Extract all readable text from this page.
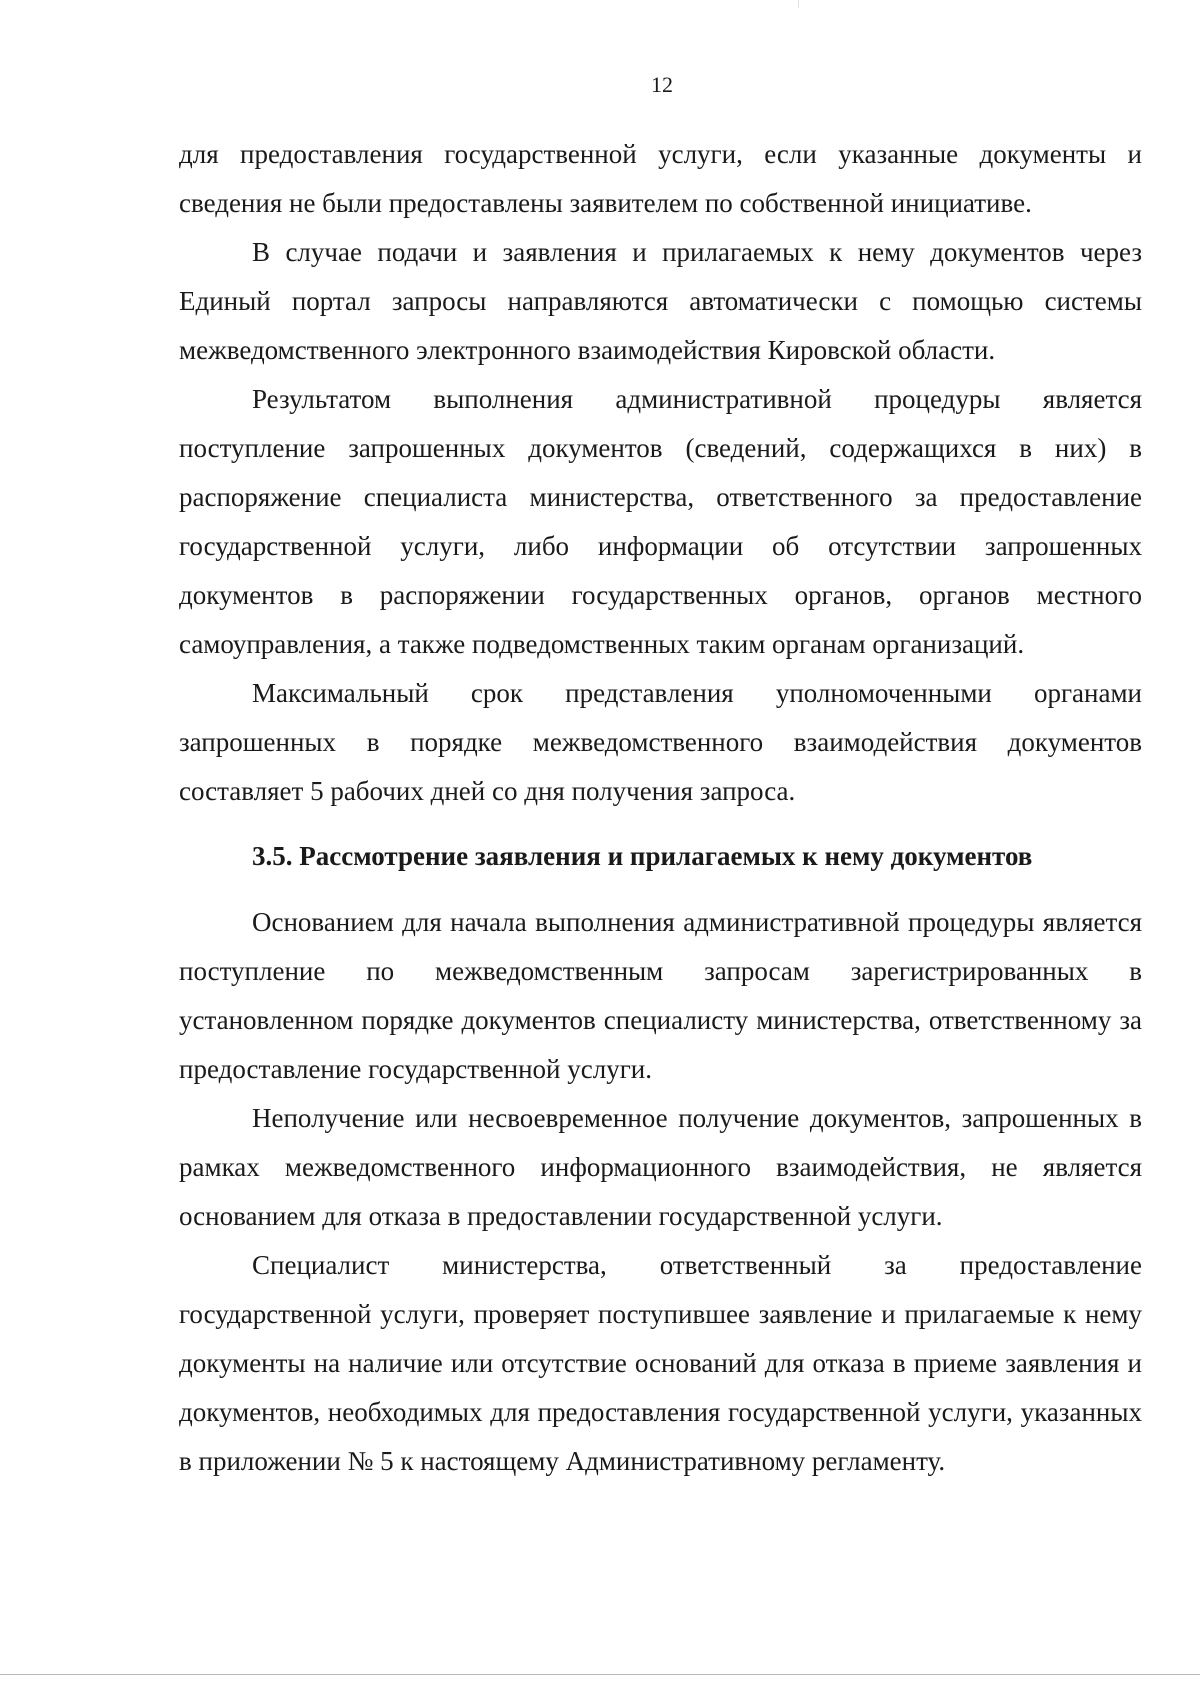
12

для предоставления государственной услуги, если указанные документы и

сведения не были предоставлены заявителем по собственной инициативе.

В случае подачи и заявления и прилагаемых к нему документов через Единый портал запросы направляются автоматически с помощью системы межведомственного электронного взаимодействия Кировской области.

Результатом выполнения административной процедуры является поступление запрошенных документов (сведений, содержащихся в них) в распоряжение специалиста министерства, ответственного за предоставление государственной услуги, либо информации об отсутствии запрошенных документов в распоряжении государственных органов, органов местного самоуправления, а также подведомственных таким органам организаций.

Максимальный срок представления уполномоченными органами запрошенных в порядке межведомственного взаимодействия документов составляет 5 рабочих дней со дня получения запроса.

3.5. Рассмотрение заявления и прилагаемых к нему документов

Основанием для начала выполнения административной процедуры является поступление по межведомственным запросам зарегистрированных в установленном порядке документов специалисту министерства, ответственному за предоставление государственной услуги.

Неполучение или несвоевременное получение документов, запрошенных в рамках межведомственного информационного взаимодействия, не является основанием для отказа в предоставлении государственной услуги.

Специалист министерства, ответственный за предоставление государственной услуги, проверяет поступившее заявление и прилагаемые к нему документы на наличие или отсутствие оснований для отказа в приеме заявления и документов, необходимых для предоставления государственной услуги, указанных в приложении № 5 к настоящему Административному регламенту.
